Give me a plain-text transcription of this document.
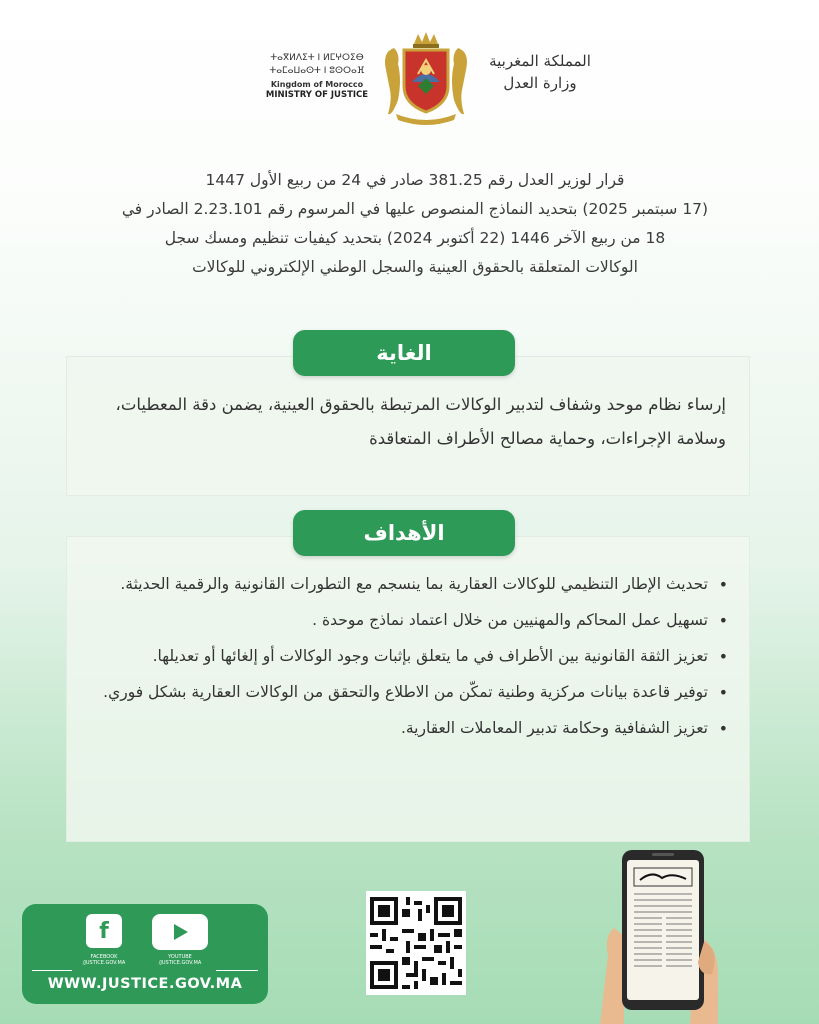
ⵜⴰⴳⵍⴷⵉⵜ ⵏ ⵍⵎⵖⵔⵉⴱ
ⵜⴰⵎⴰⵡⴰⵙⵜ ⵏ ⵓⵙⵔⴰⴼ
Kingdom of Morocco
MINISTRY OF JUSTICE
المملكة المغربية
وزارة العدل
قرار لوزير العدل رقم 381.25 صادر في 24 من ربيع الأول 1447
(17 سبتمبر 2025) بتحديد النماذج المنصوص عليها في المرسوم رقم 2.23.101 الصادر في
18 من ربيع الآخر 1446 (22 أكتوبر 2024) بتحديد كيفيات تنظيم ومسك سجل
الوكالات المتعلقة بالحقوق العينية والسجل الوطني الإلكتروني للوكالات
الغاية
إرساء نظام موحد وشفاف لتدبير الوكالات المرتبطة بالحقوق العينية، يضمن دقة المعطيات، وسلامة الإجراءات، وحماية مصالح الأطراف المتعاقدة
الأهداف
• تحديث الإطار التنظيمي للوكالات العقارية بما ينسجم مع التطورات القانونية والرقمية الحديثة.
• تسهيل عمل المحاكم والمهنيين من خلال اعتماد نماذج موحدة .
• تعزيز الثقة القانونية بين الأطراف في ما يتعلق بإثبات وجود الوكالات أو إلغائها أو تعديلها.
• توفير قاعدة بيانات مركزية وطنية تمكّن من الاطلاع والتحقق من الوكالات العقارية بشكل فوري.
• تعزيز الشفافية وحكامة تدبير المعاملات العقارية.
f
FACEBOOK /JUSTICE.GOV.MA
YOUTUBE /JUSTICE.GOV.MA
WWW.JUSTICE.GOV.MA
